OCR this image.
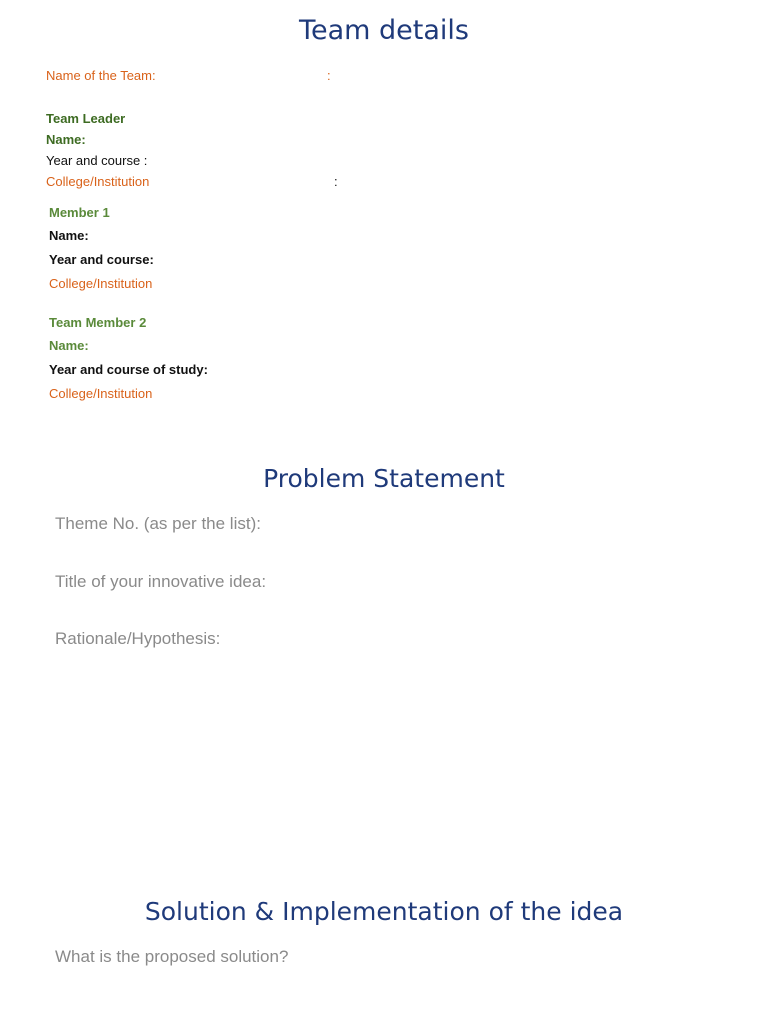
Team details
Name of the Team:	:
Team Leader
Name:
Year and course :
College/Institution	:
Member 1
Name:
Year and course:
College/Institution
Team Member 2
Name:
Year and course of study:
College/Institution
Problem Statement
Theme No. (as per the list):
Title of your innovative idea:
Rationale/Hypothesis:
Solution & Implementation of the idea
What is the proposed solution?
